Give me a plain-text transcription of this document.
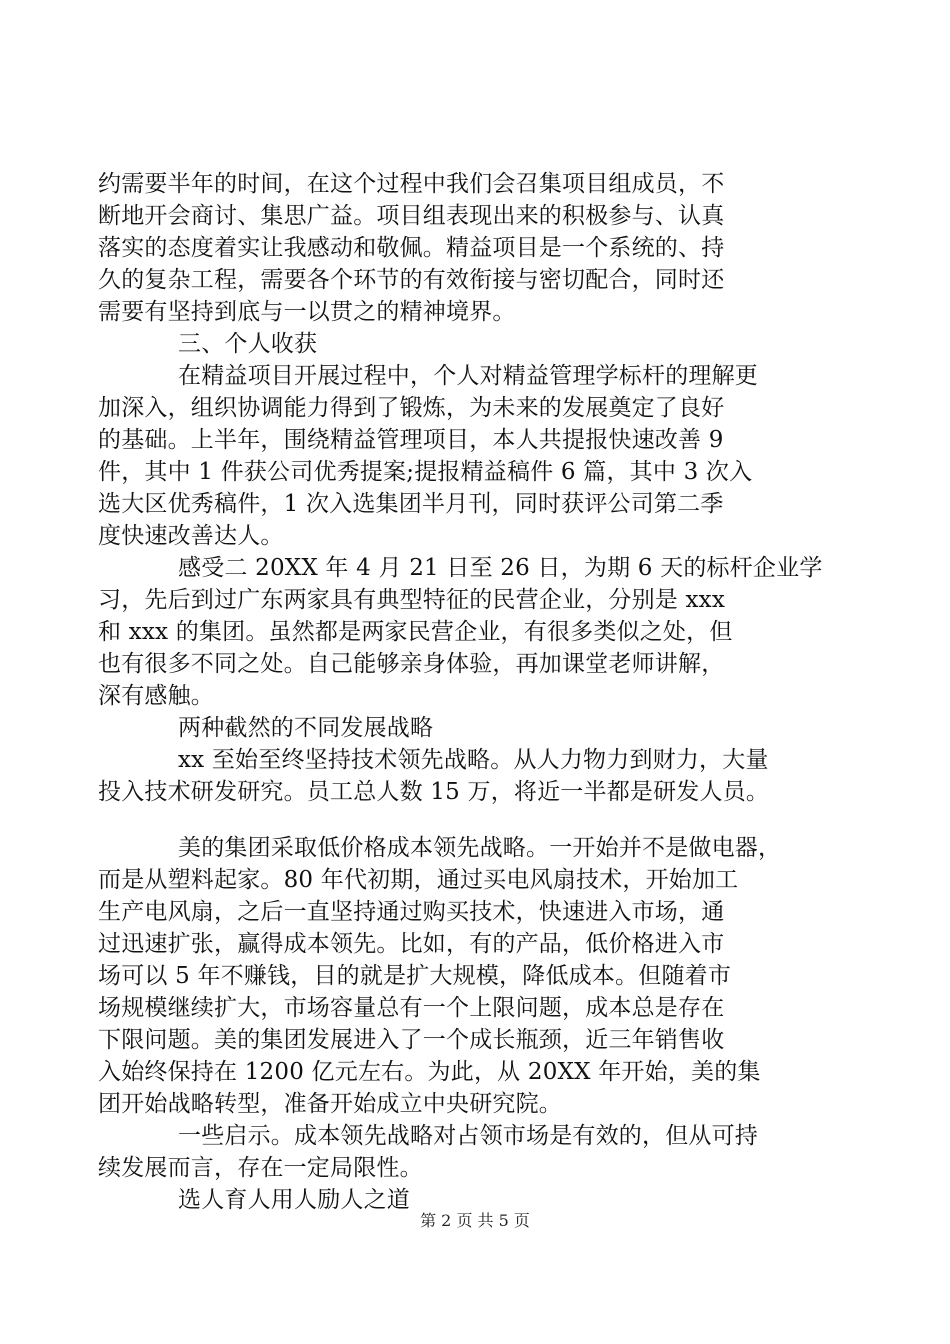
约需要半年的时间，在这个过程中我们会召集项目组成员，不
断地开会商讨、集思广益。项目组表现出来的积极参与、认真
落实的态度着实让我感动和敬佩。精益项目是一个系统的、持
久的复杂工程，需要各个环节的有效衔接与密切配合，同时还
需要有坚持到底与一以贯之的精神境界。
三、个人收获
在精益项目开展过程中，个人对精益管理学标杆的理解更
加深入，组织协调能力得到了锻炼，为未来的发展奠定了良好
的基础。上半年，围绕精益管理项目，本人共提报快速改善 9
件，其中 1 件获公司优秀提案;提报精益稿件 6 篇，其中 3 次入
选大区优秀稿件，1 次入选集团半月刊，同时获评公司第二季
度快速改善达人。
感受二 20XX 年 4 月 21 日至 26 日，为期 6 天的标杆企业学
习，先后到过广东两家具有典型特征的民营企业，分别是 xxx
和 xxx 的集团。虽然都是两家民营企业，有很多类似之处，但
也有很多不同之处。自己能够亲身体验，再加课堂老师讲解，
深有感触。
两种截然的不同发展战略
xx 至始至终坚持技术领先战略。从人力物力到财力，大量
投入技术研发研究。员工总人数 15 万，将近一半都是研发人员。
美的集团采取低价格成本领先战略。一开始并不是做电器，
而是从塑料起家。80 年代初期，通过买电风扇技术，开始加工
生产电风扇，之后一直坚持通过购买技术，快速进入市场，通
过迅速扩张，赢得成本领先。比如，有的产品，低价格进入市
场可以 5 年不赚钱，目的就是扩大规模，降低成本。但随着市
场规模继续扩大，市场容量总有一个上限问题，成本总是存在
下限问题。美的集团发展进入了一个成长瓶颈，近三年销售收
入始终保持在 1200 亿元左右。为此，从 20XX 年开始，美的集
团开始战略转型，准备开始成立中央研究院。
一些启示。成本领先战略对占领市场是有效的，但从可持
续发展而言，存在一定局限性。
选人育人用人励人之道
第 2 页 共 5 页
